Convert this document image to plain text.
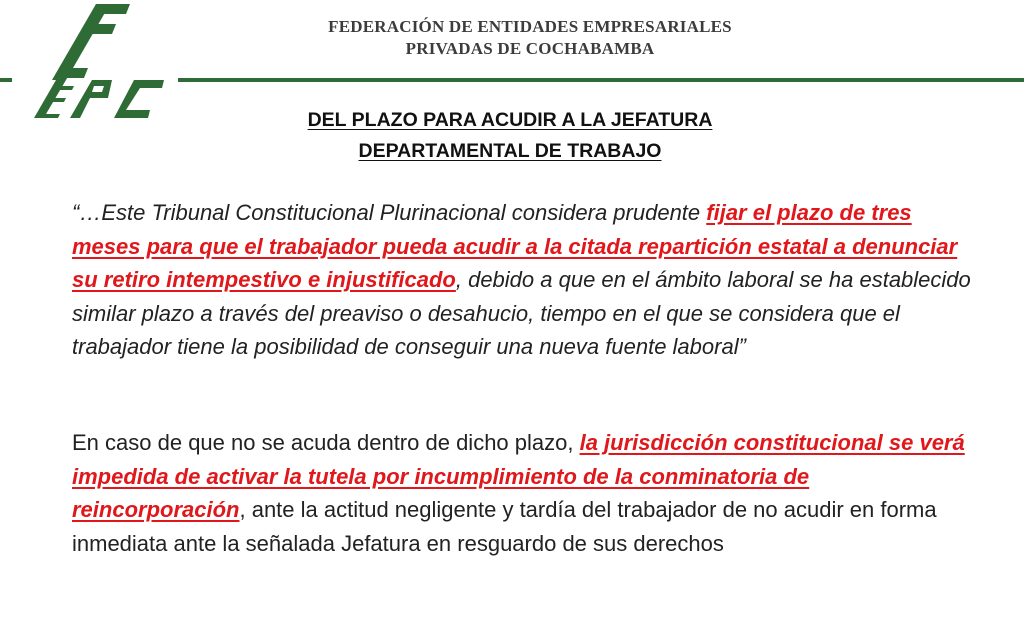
FEDERACIÓN DE ENTIDADES EMPRESARIALES
PRIVADAS DE COCHABAMBA
DEL PLAZO PARA ACUDIR A LA JEFATURA
DEPARTAMENTAL DE TRABAJO
“…Este Tribunal Constitucional Plurinacional considera prudente fijar el plazo de tres meses para que el trabajador pueda acudir a la citada repartición estatal a denunciar su retiro intempestivo e injustificado, debido a que en el ámbito laboral se ha establecido similar plazo a través del preaviso o desahucio, tiempo en el que se considera que el trabajador tiene la posibilidad de conseguir una nueva fuente laboral”
En caso de que no se acuda dentro de dicho plazo, la jurisdicción constitucional se verá impedida de activar la tutela por incumplimiento de la conminatoria de reincorporación, ante la actitud negligente y tardía del trabajador de no acudir en forma inmediata ante la señalada Jefatura en resguardo de sus derechos
